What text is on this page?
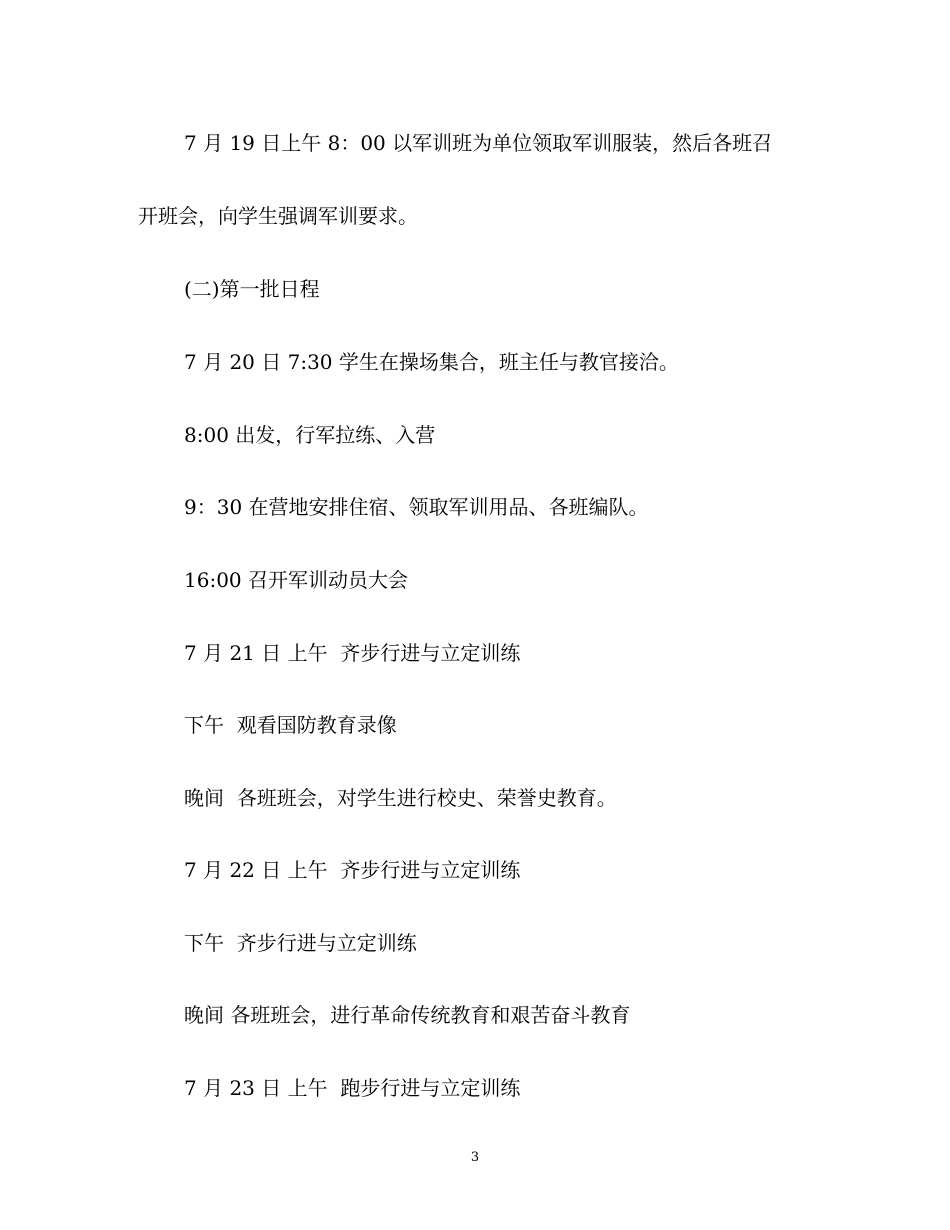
7 月 19 日上午 8：00 以军训班为单位领取军训服装，然后各班召
开班会，向学生强调军训要求。
(二)第一批日程
7 月 20 日 7:30 学生在操场集合，班主任与教官接洽。
8:00 出发，行军拉练、入营
9：30 在营地安排住宿、领取军训用品、各班编队。
16:00 召开军训动员大会
7 月 21 日 上午  齐步行进与立定训练
下午  观看国防教育录像
晚间  各班班会，对学生进行校史、荣誉史教育。
7 月 22 日 上午  齐步行进与立定训练
下午  齐步行进与立定训练
晚间 各班班会，进行革命传统教育和艰苦奋斗教育
7 月 23 日 上午  跑步行进与立定训练
3
